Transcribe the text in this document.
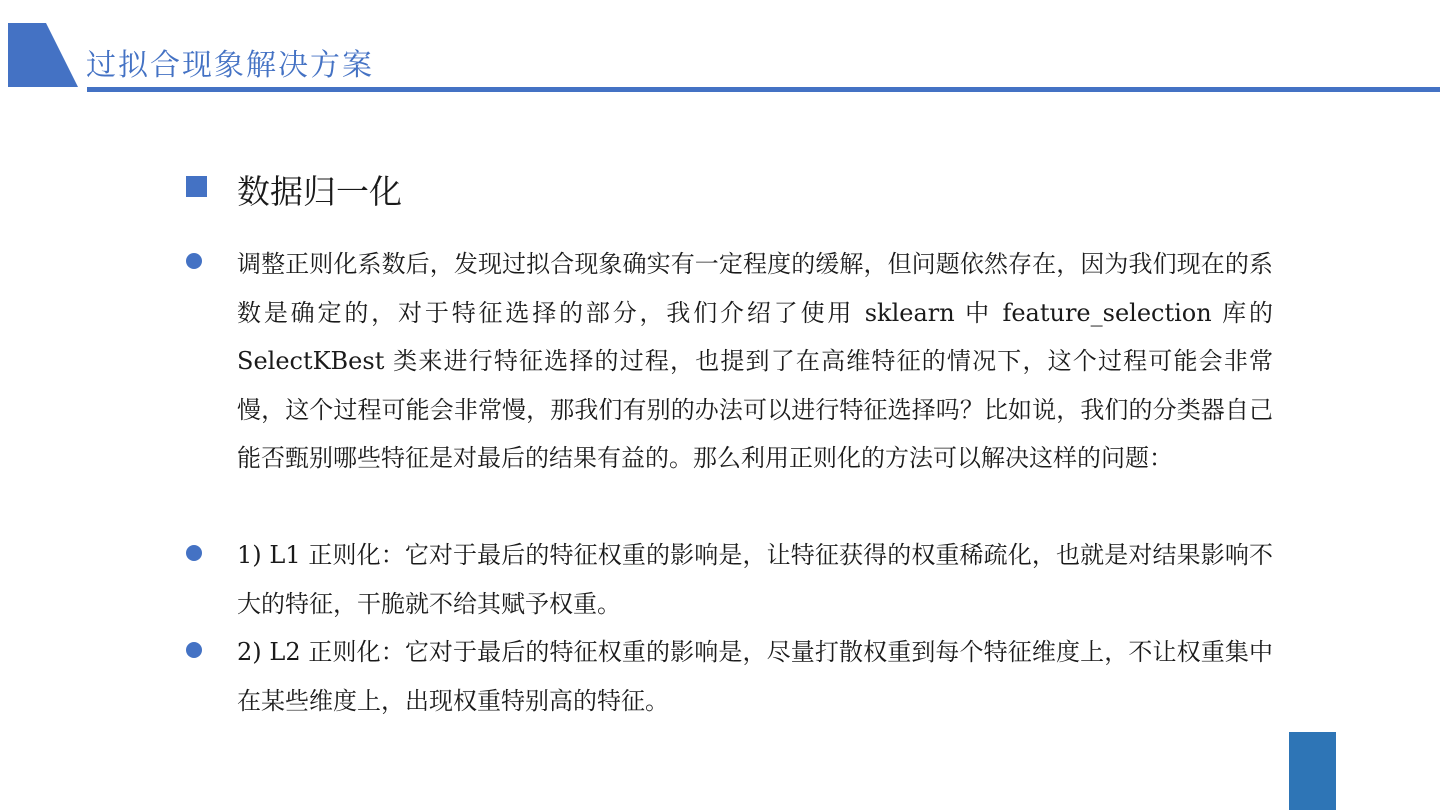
过拟合现象解决方案
数据归一化
调整正则化系数后，发现过拟合现象确实有一定程度的缓解，但问题依然存在，因为我们现在的系数是确定的，对于特征选择的部分，我们介绍了使用 sklearn 中 feature_selection 库的 SelectKBest 类来进行特征选择的过程，也提到了在高维特征的情况下，这个过程可能会非常慢，这个过程可能会非常慢，那我们有别的办法可以进行特征选择吗？比如说，我们的分类器自己能否甄别哪些特征是对最后的结果有益的。那么利用正则化的方法可以解决这样的问题：
1) L1 正则化：它对于最后的特征权重的影响是，让特征获得的权重稀疏化，也就是对结果影响不大的特征，干脆就不给其赋予权重。
2) L2 正则化：它对于最后的特征权重的影响是，尽量打散权重到每个特征维度上，不让权重集中在某些维度上，出现权重特别高的特征。
